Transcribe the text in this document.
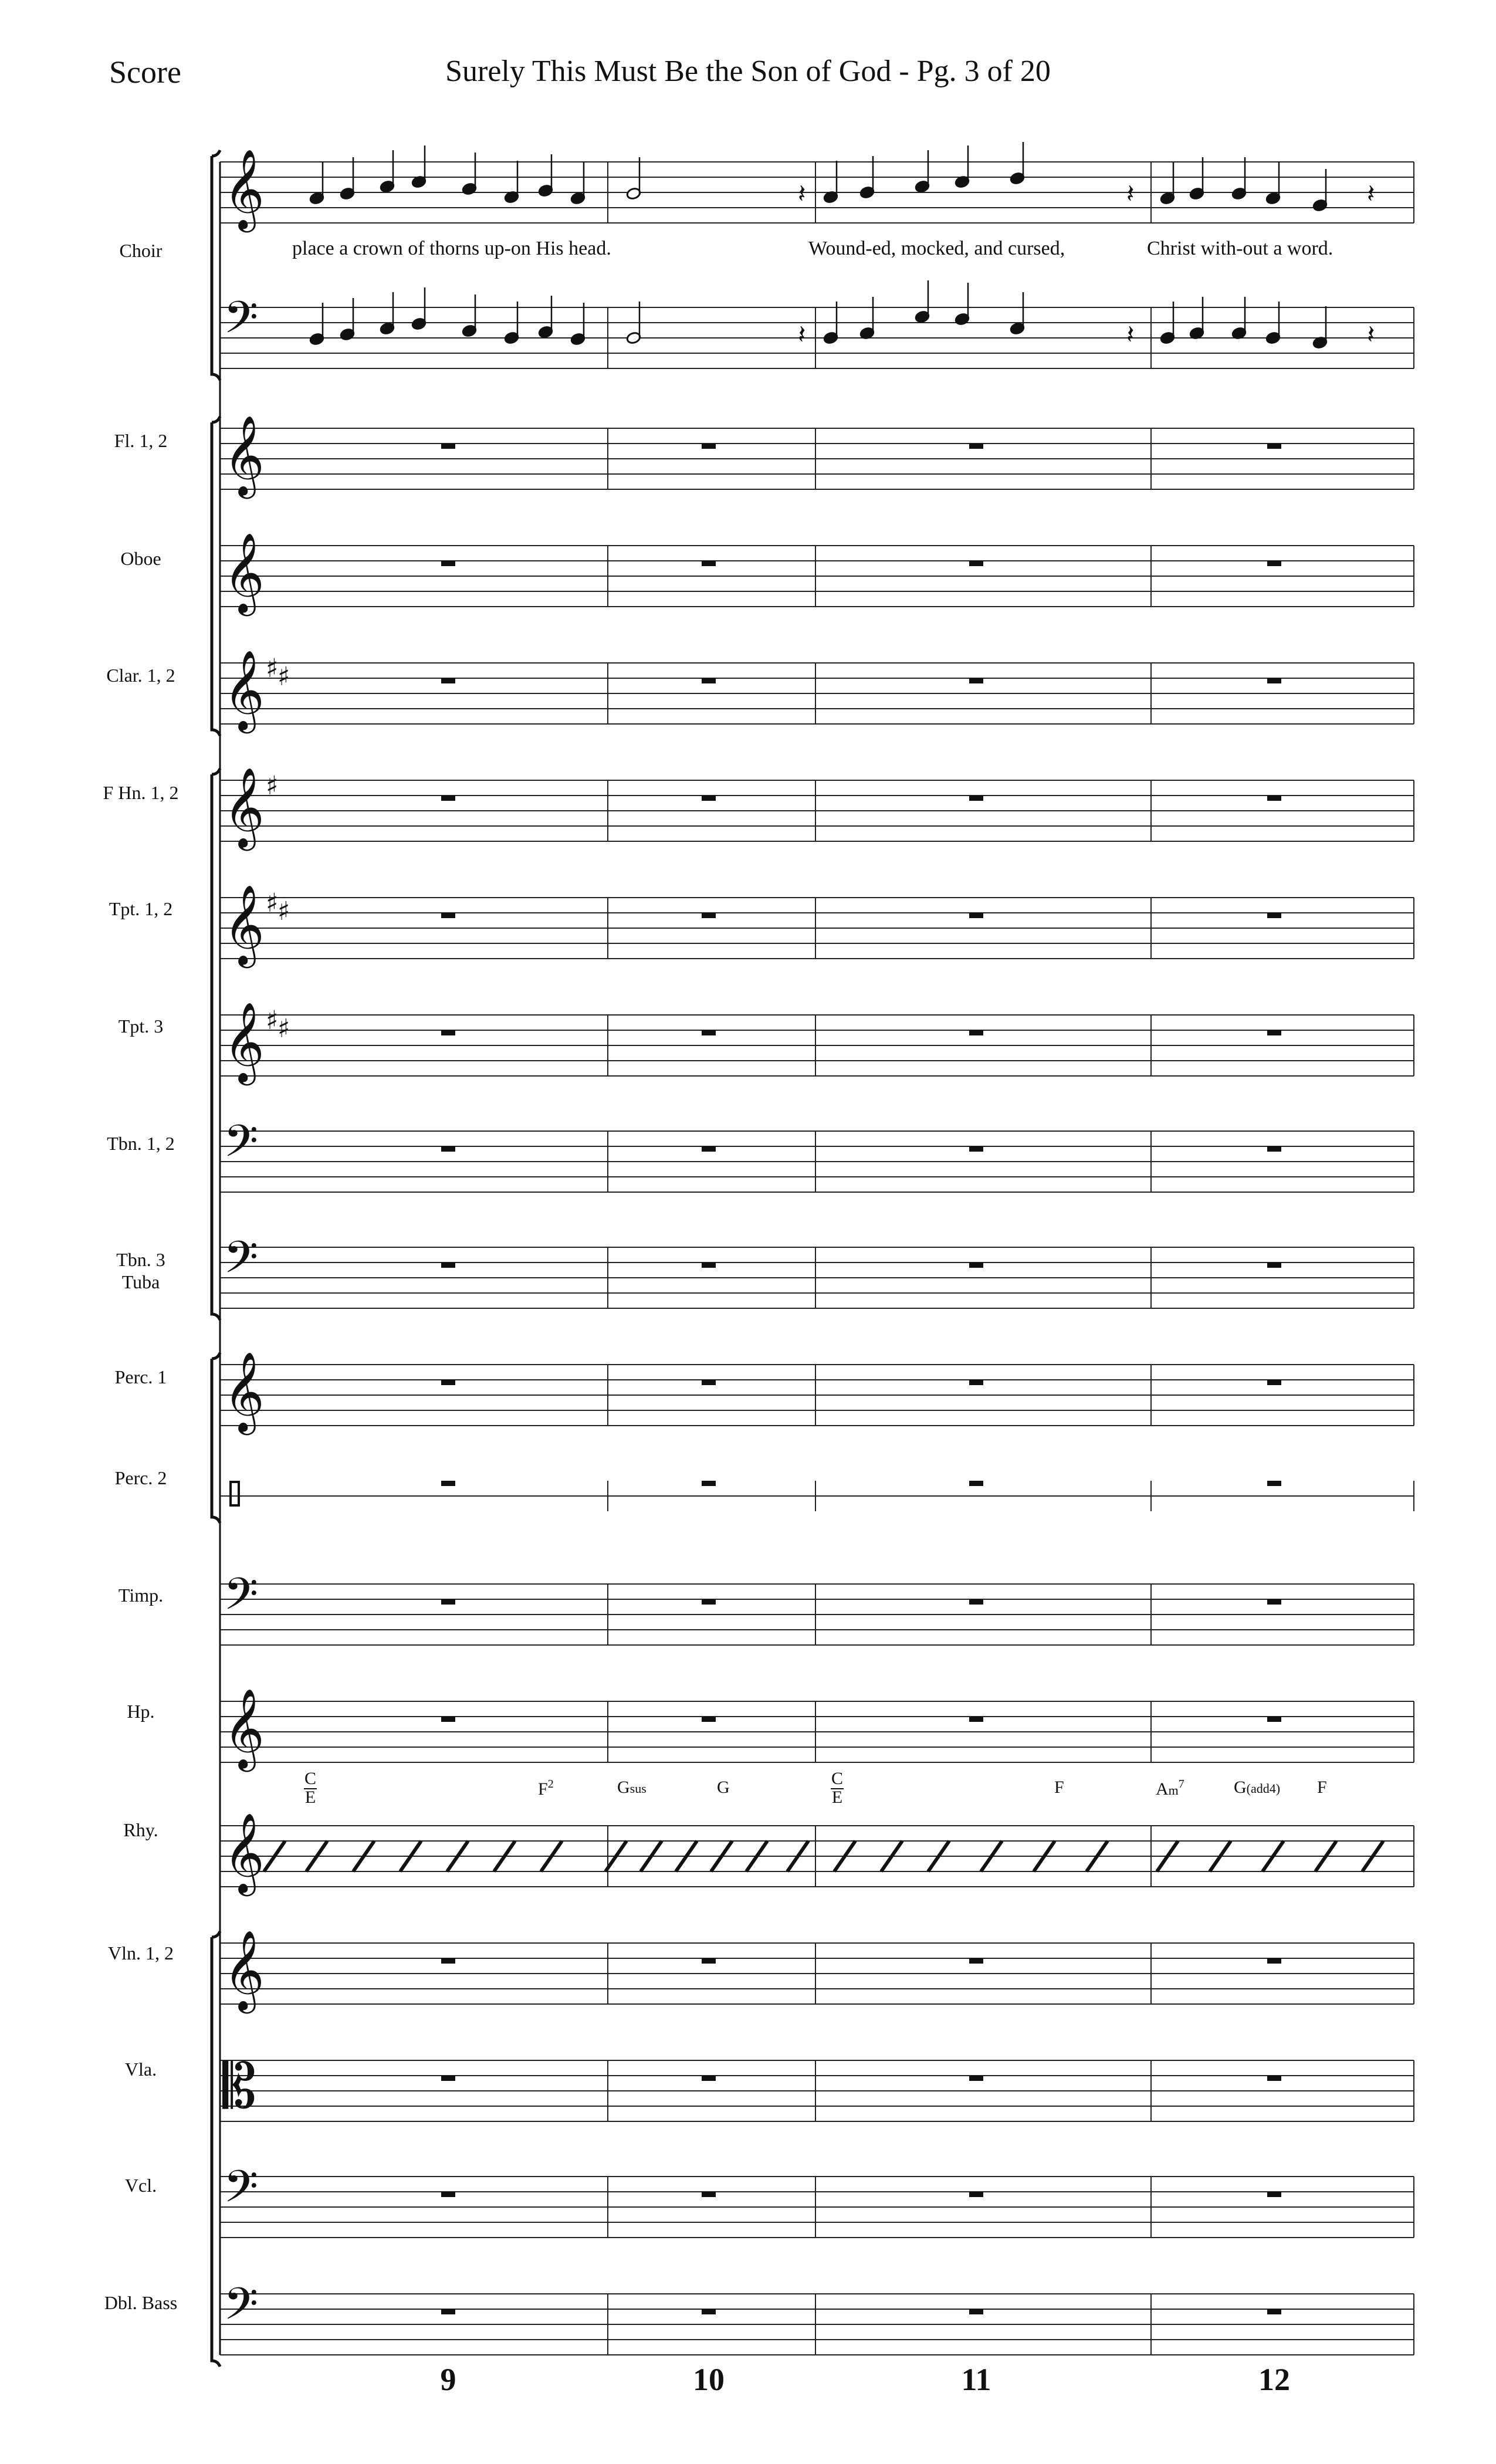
Score	Surely This Must Be the Son of God - Pg. 3 of 20
Choir
Fl. 1, 2
Oboe
Clar. 1, 2
F Hn. 1, 2
Tpt. 1, 2
Tpt. 3
Tbn. 1, 2
Tbn. 3
Tuba
Perc. 1
Perc. 2
Timp.
Hp.
Rhy.
Vln. 1, 2
Vla.
Vcl.
Dbl. Bass
place a crown of thorns up-on His head.	Wound-ed, mocked, and cursed,	Christ with-out a word.
C
E	$F^2$	Gsus	G	C
E
F	Am$^7$	G(add4) F
9	10	11	12
𝄞
𝄢
𝄞
𝄞
𝄞 ♯
♯
𝄞 ♯
𝄞 ♯
♯
𝄞 ♯
♯
𝄢
𝄢
𝄞
𝄢
𝄞
𝄞
𝄞
𝄡
𝄢
𝄢
𝄽	𝄽	𝄽
𝄽	𝄽	𝄽
